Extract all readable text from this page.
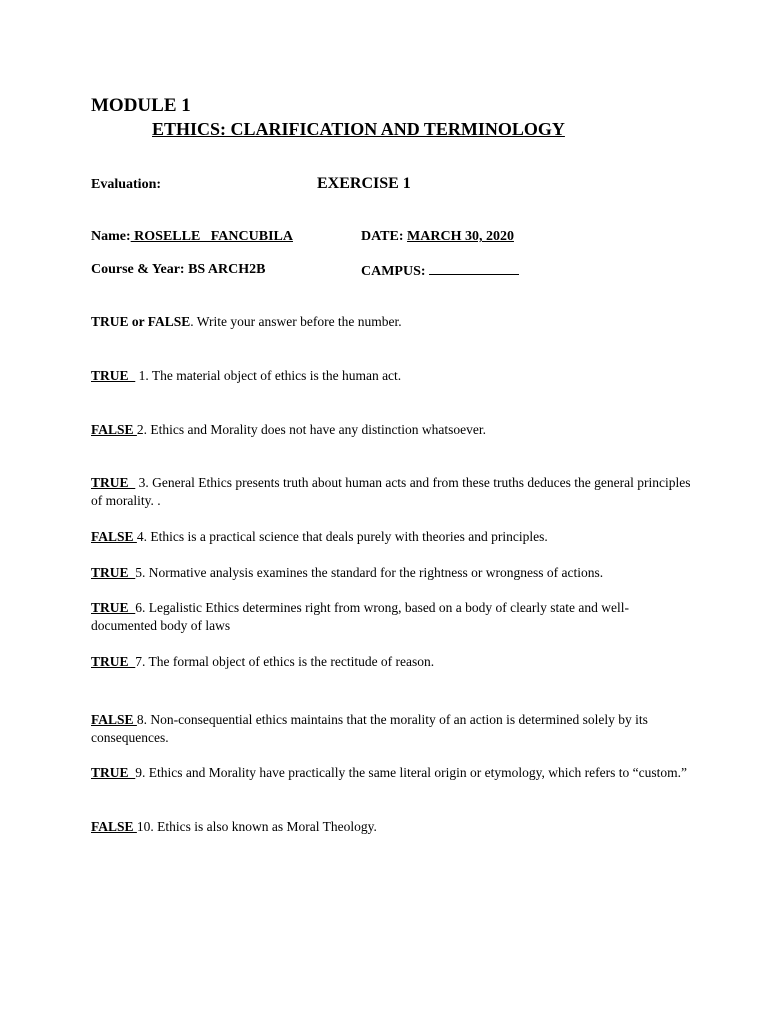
MODULE 1
ETHICS: CLARIFICATION AND TERMINOLOGY
Evaluation:	EXERCISE 1
Name: ROSELLE   FANCUBILA	DATE: MARCH 30, 2020
Course & Year: BS ARCH2B	CAMPUS:
TRUE or FALSE. Write your answer before the number.
TRUE   1. The material object of ethics is the human act.
FALSE 2. Ethics and Morality does not have any distinction whatsoever.
TRUE   3. General Ethics presents truth about human acts and from these truths deduces the general principles of morality. .
FALSE 4. Ethics is a practical science that deals purely with theories and principles.
TRUE  5. Normative analysis examines the standard for the rightness or wrongness of actions.
TRUE  6. Legalistic Ethics determines right from wrong, based on a body of clearly state and well-documented body of laws
TRUE  7. The formal object of ethics is the rectitude of reason.
FALSE 8. Non-consequential ethics maintains that the morality of an action is determined solely by its consequences.
TRUE  9. Ethics and Morality have practically the same literal origin or etymology, which refers to “custom.”
FALSE 10. Ethics is also known as Moral Theology.
